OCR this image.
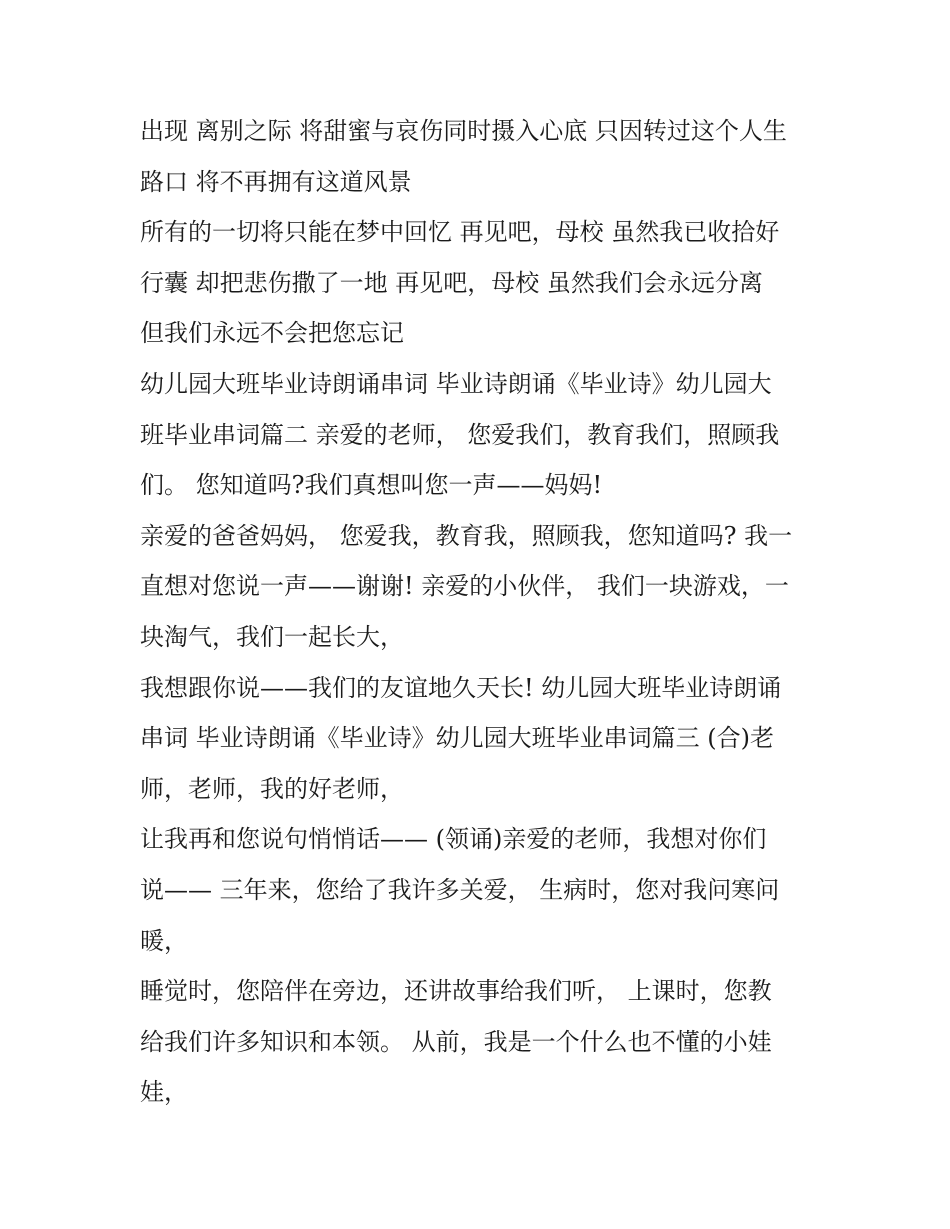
出现 离别之际 将甜蜜与哀伤同时摄入心底 只因转过这个人生
路口 将不再拥有这道风景
所有的一切将只能在梦中回忆 再见吧，母校 虽然我已收拾好
行囊 却把悲伤撒了一地 再见吧，母校 虽然我们会永远分离
但我们永远不会把您忘记
幼儿园大班毕业诗朗诵串词 毕业诗朗诵《毕业诗》幼儿园大
班毕业串词篇二 亲爱的老师， 您爱我们，教育我们，照顾我
们。 您知道吗?我们真想叫您一声——妈妈!
亲爱的爸爸妈妈， 您爱我，教育我，照顾我，您知道吗? 我一
直想对您说一声——谢谢! 亲爱的小伙伴， 我们一块游戏，一
块淘气，我们一起长大，
我想跟你说——我们的友谊地久天长! 幼儿园大班毕业诗朗诵
串词 毕业诗朗诵《毕业诗》幼儿园大班毕业串词篇三 (合)老
师，老师，我的好老师，
让我再和您说句悄悄话—— (领诵)亲爱的老师，我想对你们
说—— 三年来，您给了我许多关爱， 生病时，您对我问寒问
暖，
睡觉时，您陪伴在旁边，还讲故事给我们听， 上课时，您教
给我们许多知识和本领。 从前，我是一个什么也不懂的小娃
娃，
